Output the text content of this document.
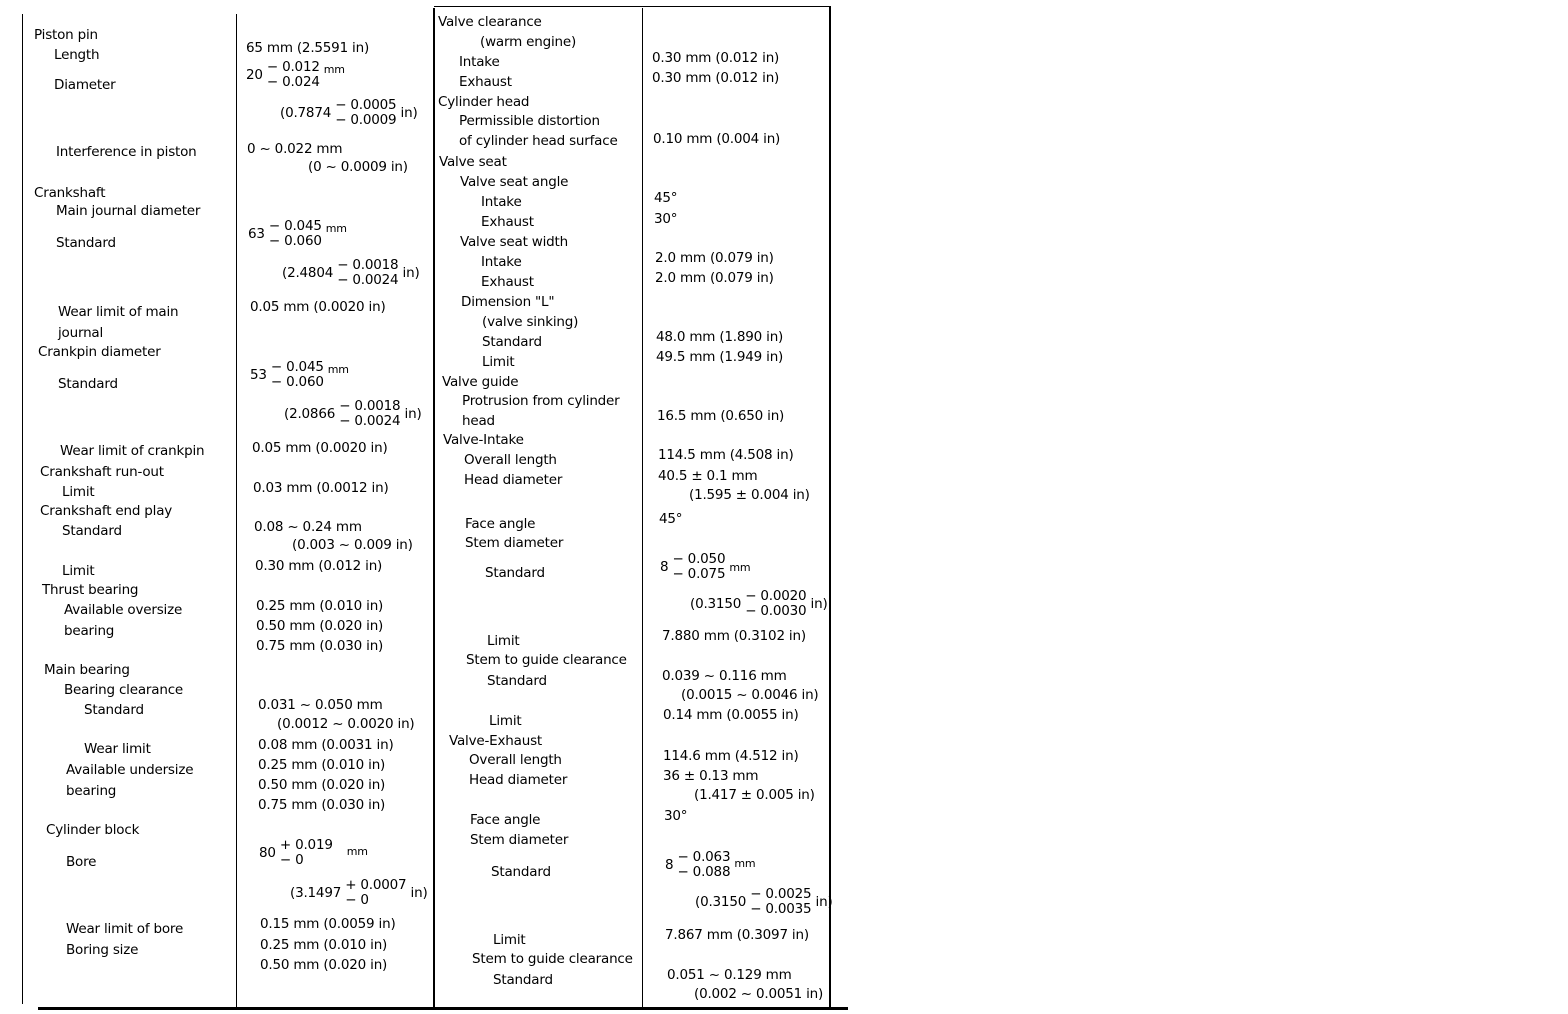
Piston pin
Length
Diameter
Interference in piston
Crankshaft
Main journal diameter
Standard
Wear limit of main
journal
Crankpin diameter
Standard
Wear limit of crankpin
Crankshaft run-out
Limit
Crankshaft end play
Standard
Limit
Thrust bearing
Available oversize
bearing
Main bearing
Bearing clearance
Standard
Wear limit
Available undersize
bearing
Cylinder block
Bore
Wear limit of bore
Boring size
65 mm (2.5591 in)
20 − 0.012
− 0.024
mm
(0.7874 − 0.0005
− 0.0009 in)
0 ~ 0.022 mm
(0 ~ 0.0009 in)
63 − 0.045
− 0.060
mm
(2.4804 − 0.0018
− 0.0024 in)
0.05 mm (0.0020 in)
53 − 0.045
− 0.060
mm
(2.0866 − 0.0018
− 0.0024 in)
0.05 mm (0.0020 in)
0.03 mm (0.0012 in)
0.08 ~ 0.24 mm
(0.003 ~ 0.009 in)
0.30 mm (0.012 in)
0.25 mm (0.010 in)
0.50 mm (0.020 in)
0.75 mm (0.030 in)
0.031 ~ 0.050 mm
(0.0012 ~ 0.0020 in)
0.08 mm (0.0031 in)
0.25 mm (0.010 in)
0.50 mm (0.020 in)
0.75 mm (0.030 in)
80 + 0.019
− 0
mm
(3.1497 + 0.0007
− 0	in)
0.15 mm (0.0059 in)
0.25 mm (0.010 in)
0.50 mm (0.020 in)
Valve clearance
(warm engine)
Intake
Exhaust
Cylinder head
Permissible distortion
of cylinder head surface
Valve seat
Valve seat angle
Intake
Exhaust
Valve seat width
Intake
Exhaust
Dimension "L"
(valve sinking)
Standard
Limit
Valve guide
Protrusion from cylinder
head
Valve-Intake
Overall length
Head diameter
Face angle
Stem diameter
Standard
Limit
Stem to guide clearance
Standard
Limit
Valve-Exhaust
Overall length
Head diameter
Face angle
Stem diameter
Standard
Limit
Stem to guide clearance
Standard
0.30 mm (0.012 in)
0.30 mm (0.012 in)
0.10 mm (0.004 in)
45°
30°
2.0 mm (0.079 in)
2.0 mm (0.079 in)
48.0 mm (1.890 in)
49.5 mm (1.949 in)
16.5 mm (0.650 in)
114.5 mm (4.508 in)
40.5 ± 0.1 mm
(1.595 ± 0.004 in)
45°
8 − 0.050
− 0.075 mm
(0.3150 − 0.0020
− 0.0030 in)
7.880 mm (0.3102 in)
0.039 ~ 0.116 mm
(0.0015 ~ 0.0046 in)
0.14 mm (0.0055 in)
114.6 mm (4.512 in)
36 ± 0.13 mm
(1.417 ± 0.005 in)
30°
8 − 0.063
− 0.088
mm
(0.3150 − 0.0025
− 0.0035 in)
7.867 mm (0.3097 in)
0.051 ~ 0.129 mm
(0.002 ~ 0.0051 in)
